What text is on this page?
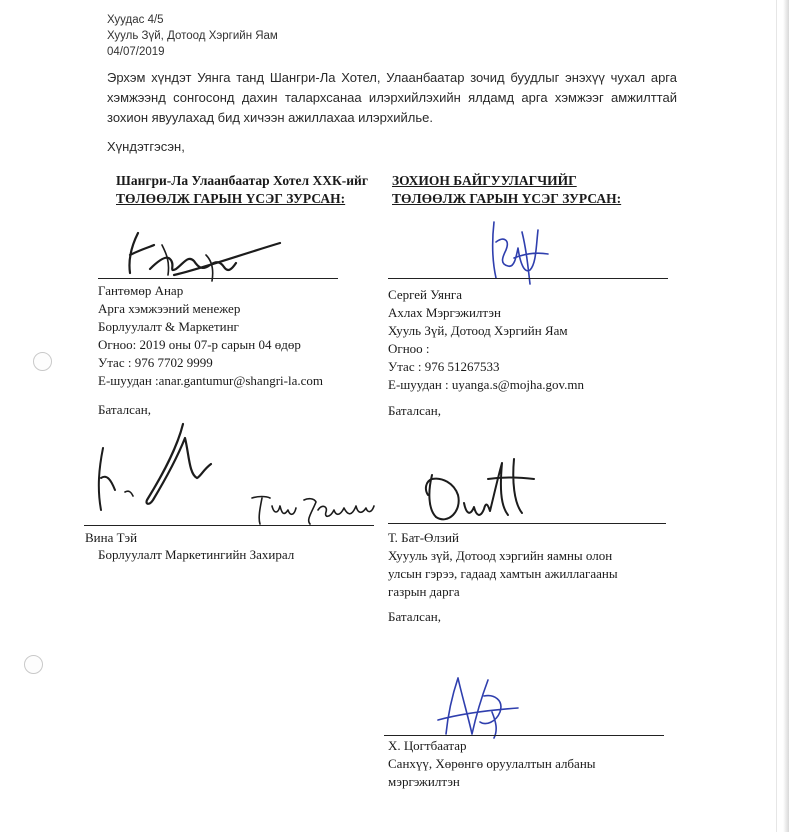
Хуудас 4/5
Хууль Зүй, Дотоод Хэргийн Яам
04/07/2019
Эрхэм хүндэт Уянга танд Шангри-Ла Хотел, Улаанбаатар зочид буудлыг энэхүү чухал арга хэмжээнд сонгосонд дахин талархсанаа илэрхийлэхийн ялдамд арга хэмжээг амжилттай зохион явуулахад бид хичээн ажиллахаа илэрхийлье.
Хүндэтгэсэн,
Шангри-Ла Улаанбаатар Хотел ХХК-ийг
ТӨЛӨӨЛЖ ГАРЫН ҮСЭГ ЗУРСАН:
ЗОХИОН БАЙГУУЛАГЧИЙГ
ТӨЛӨӨЛЖ ГАРЫН ҮСЭГ ЗУРСАН:
Гантөмөр Анар
Арга хэмжээний менежер
Борлуулалт & Маркетинг
Огноо: 2019 оны 07-р сарын 04 өдөр
Утас : 976 7702 9999
E-шуудан :anar.gantumur@shangri-la.com
Баталсан,
Вина Тэй
Борлуулалт Маркетингийн Захирал
Сергей Уянга
Ахлах Мэргэжилтэн
Хууль Зүй, Дотоод Хэргийн Яам
Огноо :
Утас : 976 51267533
E-шуудан : uyanga.s@mojha.gov.mn
Баталсан,
Т. Бат-Өлзий
Хуууль зүй, Дотоод хэргийн яамны олон
улсын гэрээ, гадаад хамтын ажиллагааны
газрын дарга
Баталсан,
Х. Цогтбаатар
Санхүү, Хөрөнгө оруулалтын албаны
мэргэжилтэн
